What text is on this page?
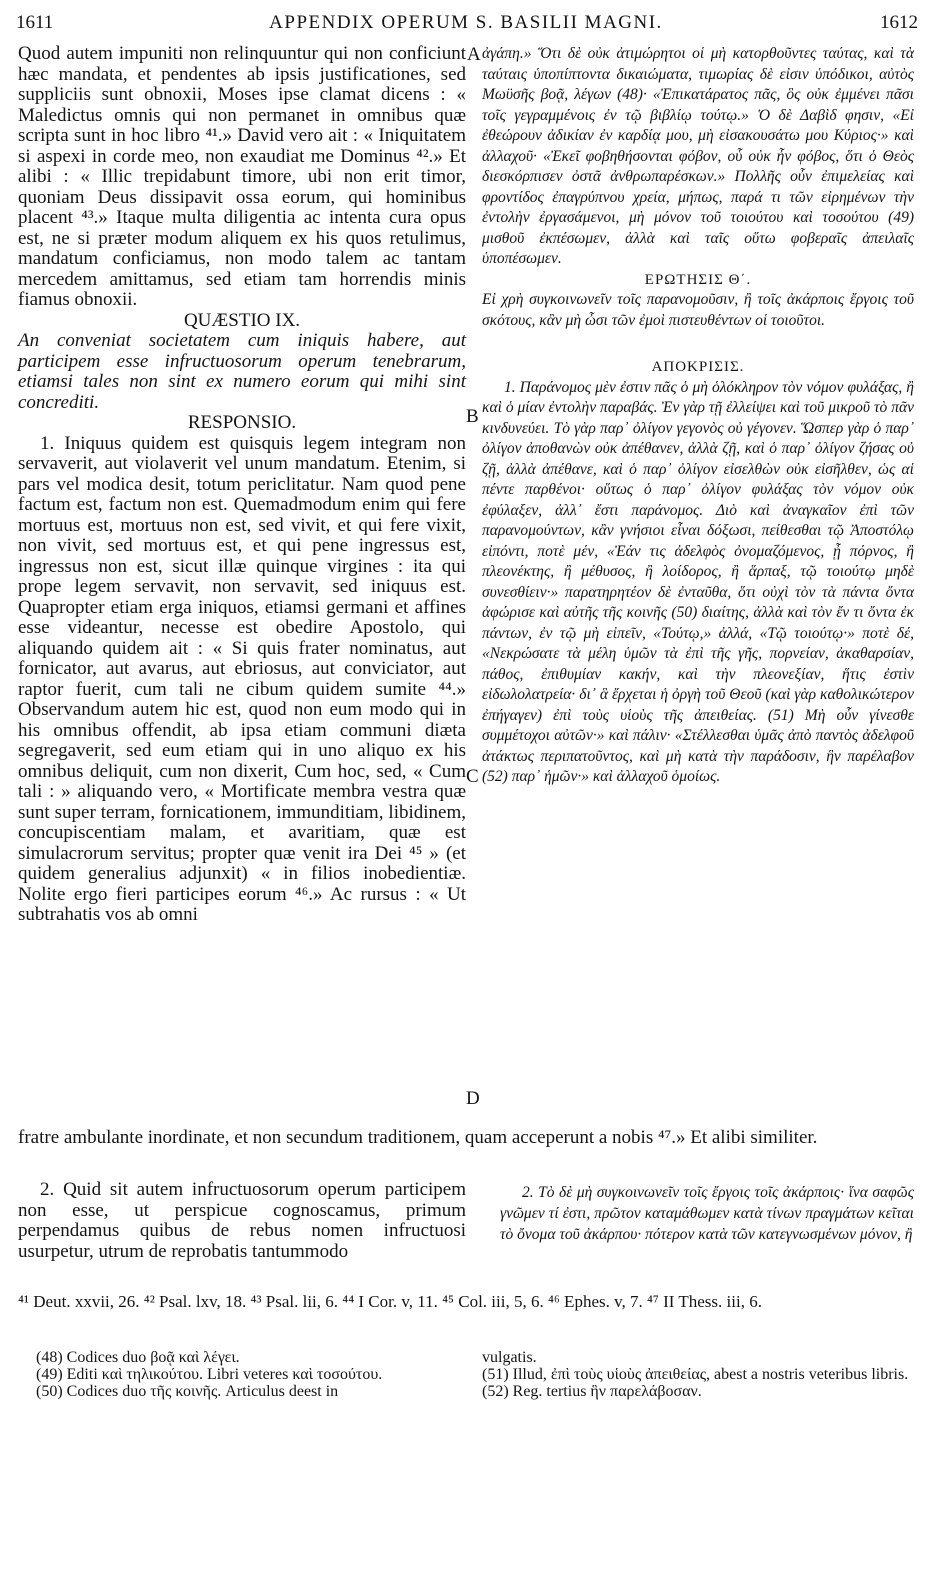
1611	APPENDIX OPERUM S. BASILII MAGNI.	1612

Quod autem impuniti non relinquuntur qui non conficiunt hæc mandata, et pendentes ab ipsis justificationes, sed suppliciis sunt obnoxii, Moses ipse clamat dicens : « Maledictus omnis qui non permanet in omnibus quæ scripta sunt in hoc libro ⁴¹.» David vero ait : « Iniquitatem si aspexi in corde meo, non exaudiat me Dominus ⁴².» Et alibi : « Illic trepidabunt timore, ubi non erit timor, quoniam Deus dissipavit ossa eorum, qui hominibus placent ⁴³.» Itaque multa diligentia ac intenta cura opus est, ne si præter modum aliquem ex his quos retulimus, mandatum conficiamus, non modo talem ac tantam mercedem amittamus, sed etiam tam horrendis minis fiamus obnoxii.

QUÆSTIO IX.

An conveniat societatem cum iniquis habere, aut participem esse infructuosorum operum tenebrarum, etiamsi tales non sint ex numero eorum qui mihi sint concrediti.

RESPONSIO.

1. Iniquus quidem est quisquis legem integram non servaverit, aut violaverit vel unum mandatum. Etenim, si pars vel modica desit, totum periclitatur. Nam quod pene factum est, factum non est. Quemadmodum enim qui fere mortuus est, mortuus non est, sed vivit, et qui fere vixit, non vivit, sed mortuus est, et qui pene ingressus est, ingressus non est, sicut illæ quinque virgines : ita qui prope legem servavit, non servavit, sed iniquus est. Quapropter etiam erga iniquos, etiamsi germani et affines esse videantur, necesse est obedire Apostolo, qui aliquando quidem ait : « Si quis frater nominatus, aut fornicator, aut avarus, aut ebriosus, aut conviciator, aut raptor fuerit, cum tali ne cibum quidem sumite ⁴⁴.» Observandum autem hic est, quod non eum modo qui in his omnibus offendit, ab ipsa etiam communi diæta segregaverit, sed eum etiam qui in uno aliquo ex his omnibus deliquit, cum non dixerit, Cum hoc, sed, « Cum tali : » aliquando vero, « Mortificate membra vestra quæ sunt super terram, fornicationem, immunditiam, libidinem, concupiscentiam malam, et avaritiam, quæ est simulacrorum servitus; propter quæ venit ira Dei ⁴⁵ » (et quidem generalius adjunxit) « in filios inobedientiæ. Nolite ergo fieri participes eorum ⁴⁶.» Ac rursus : « Ut subtrahatis vos ab omni

ἀγάπη.» Ὅτι δὲ οὐκ ἀτιμώρητοι οἱ μὴ κατορθοῦντες ταύτας, καὶ τὰ ταύταις ὑποπίπτοντα δικαιώματα, τιμωρίας δὲ εἰσιν ὑπόδικοι, αὐτὸς Μωϋσῆς βοᾷ, λέγων (48)· «Ἐπικατάρατος πᾶς, ὃς οὐκ ἐμμένει πᾶσι τοῖς γεγραμμένοις ἐν τῷ βιβλίῳ τούτῳ.» Ὁ δὲ Δαβὶδ φησιν, «Εἰ ἐθεώρουν ἀδικίαν ἐν καρδίᾳ μου, μὴ εἰσακουσάτω μου Κύριος·» καὶ ἀλλαχοῦ· «Ἐκεῖ φοβηθήσονται φόβον, οὗ οὐκ ἦν φόβος, ὅτι ὁ Θεὸς διεσκόρπισεν ὀστᾶ ἀνθρωπαρέσκων.» Πολλῆς οὖν ἐπιμελείας καὶ φροντίδος ἐπαγρύπνου χρεία, μήπως, παρά τι τῶν εἰρημένων τὴν ἐντολὴν ἐργασάμενοι, μὴ μόνον τοῦ τοιούτου καὶ τοσούτου (49) μισθοῦ ἐκπέσωμεν, ἀλλὰ καὶ ταῖς οὕτω φοβεραῖς ἀπειλαῖς ὑποπέσωμεν.

ΕΡΩΤΗΣΙΣ Θ΄.

Εἰ χρὴ συγκοινωνεῖν τοῖς παρανομοῦσιν, ἢ τοῖς ἀκάρποις ἔργοις τοῦ σκότους, κἂν μὴ ὦσι τῶν ἐμοὶ πιστευθέντων οἱ τοιοῦτοι.

ΑΠΟΚΡΙΣΙΣ.

1. Παράνομος μὲν ἐστιν πᾶς ὁ μὴ ὁλόκληρον τὸν νόμον φυλάξας, ἢ καὶ ὁ μίαν ἐντολὴν παραβάς. Ἐν γὰρ τῇ ἐλλείψει καὶ τοῦ μικροῦ τὸ πᾶν κινδυνεύει. Τὸ γὰρ παρ᾽ ὀλίγον γεγονὸς οὐ γέγονεν. Ὥσπερ γὰρ ὁ παρ᾽ ὀλίγον ἀποθανὼν οὐκ ἀπέθανεν, ἀλλὰ ζῇ, καὶ ὁ παρ᾽ ὀλίγον ζήσας οὐ ζῇ, ἀλλὰ ἀπέθανε, καὶ ὁ παρ᾽ ὀλίγον εἰσελθὼν οὐκ εἰσῆλθεν, ὡς αἱ πέντε παρθένοι· οὕτως ὁ παρ᾽ ὀλίγον φυλάξας τὸν νόμον οὐκ ἐφύλαξεν, ἀλλ᾽ ἔστι παράνομος. Διὸ καὶ ἀναγκαῖον ἐπὶ τῶν παρανομούντων, κἂν γνήσιοι εἶναι δόξωσι, πείθεσθαι τῷ Ἀποστόλῳ εἰπόντι, ποτὲ μέν, «Ἐάν τις ἀδελφὸς ὀνομαζόμενος, ᾖ πόρνος, ἢ πλεονέκτης, ἢ μέθυσος, ἢ λοίδορος, ἢ ἅρπαξ, τῷ τοιούτῳ μηδὲ συνεσθίειν·» παρατηρητέον δὲ ἐνταῦθα, ὅτι οὐχὶ τὸν τὰ πάντα ὄντα ἀφώρισε καὶ αὐτῆς τῆς κοινῆς (50) διαίτης, ἀλλὰ καὶ τὸν ἔν τι ὄντα ἐκ πάντων, ἐν τῷ μὴ εἰπεῖν, «Τούτῳ,» ἀλλά, «Τῷ τοιούτῳ·» ποτὲ δέ, «Νεκρώσατε τὰ μέλη ὑμῶν τὰ ἐπὶ τῆς γῆς, πορνείαν, ἀκαθαρσίαν, πάθος, ἐπιθυμίαν κακήν, καὶ τὴν πλεονεξίαν, ἥτις ἐστὶν εἰδωλολατρεία· δι᾽ ἃ ἔρχεται ἡ ὀργὴ τοῦ Θεοῦ (καὶ γὰρ καθολικώτερον ἐπήγαγεν) ἐπὶ τοὺς υἱοὺς τῆς ἀπειθείας. (51) Μὴ οὖν γίνεσθε συμμέτοχοι αὐτῶν·» καὶ πάλιν· «Στέλλεσθαι ὑμᾶς ἀπὸ παντὸς ἀδελφοῦ ἀτάκτως περιπατοῦντος, καὶ μὴ κατὰ τὴν παράδοσιν, ἣν παρέλαβον (52) παρ᾽ ἡμῶν·» καὶ ἀλλαχοῦ ὁμοίως.

A
B
C
D

fratre ambulante inordinate, et non secundum traditionem, quam acceperunt a nobis ⁴⁷.» Et alibi similiter.

2. Quid sit autem infructuosorum operum participem non esse, ut perspicue cognoscamus, primum perpendamus quibus de rebus nomen infructuosi usurpetur, utrum de reprobatis tantummodo

2. Τὸ δὲ μὴ συγκοινωνεῖν τοῖς ἔργοις τοῖς ἀκάρποις· ἵνα σαφῶς γνῶμεν τί ἐστι, πρῶτον καταμάθωμεν κατὰ τίνων πραγμάτων κεῖται τὸ ὄνομα τοῦ ἀκάρπου· πότερον κατὰ τῶν κατεγνωσμένων μόνον, ἢ

⁴¹ Deut. xxvii, 26. ⁴² Psal. lxv, 18. ⁴³ Psal. lii, 6. ⁴⁴ I Cor. v, 11. ⁴⁵ Col. iii, 5, 6. ⁴⁶ Ephes. v, 7. ⁴⁷ II Thess. iii, 6.

(48) Codices duo βοᾷ καὶ λέγει.

(49) Editi καὶ τηλικούτου. Libri veteres καὶ τοσούτου.

(50) Codices duo τῆς κοινῆς. Articulus deest in

vulgatis.

(51) Illud, ἐπὶ τοὺς υἱοὺς ἀπειθείας, abest a nostris veteribus libris.

(52) Reg. tertius ἣν παρελάβοσαν.
